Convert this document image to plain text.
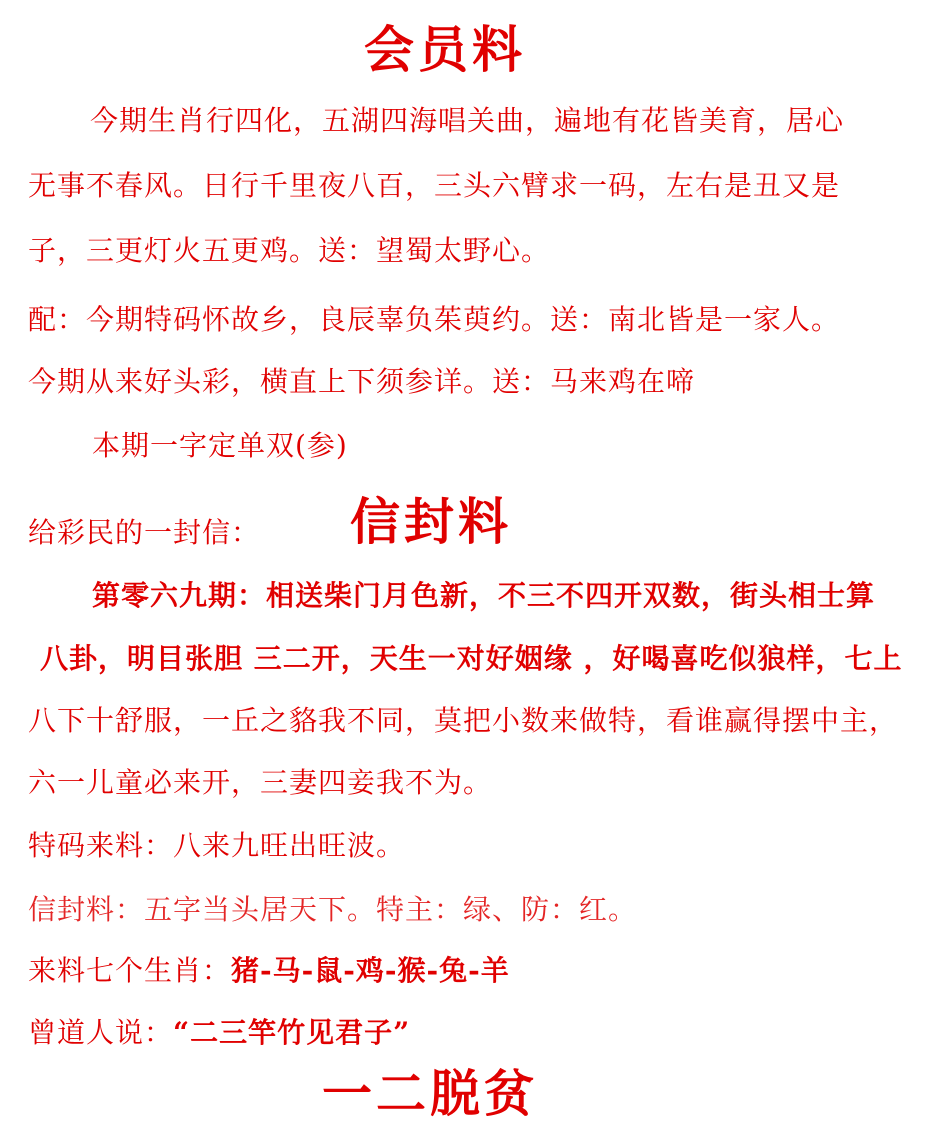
会员料
今期生肖行四化，五湖四海唱关曲，遍地有花皆美育，居心
无事不春风。日行千里夜八百，三头六臂求一码，左右是丑又是
子，三更灯火五更鸡。送：望蜀太野心。
配：今期特码怀故乡，良辰辜负茱萸约。送：南北皆是一家人。
今期从来好头彩，横直上下须参详。送：马来鸡在啼
本期一字定单双(参)
给彩民的一封信： 信封料
第零六九期：相送柴门月色新，不三不四开双数，街头相士算
八卦，明目张胆 三二开，天生一对好姻缘 ，好喝喜吃似狼样，七上
八下十舒服，一丘之貉我不同，莫把小数来做特，看谁赢得摆中主，
六一儿童必来开，三妻四妾我不为。
特码来料：八来九旺出旺波。
信封料：五字当头居天下。特主：绿、防：红。
来料七个生肖：猪-马-鼠-鸡-猴-兔-羊
曾道人说：“二三竿竹见君子”
一二脱贫
